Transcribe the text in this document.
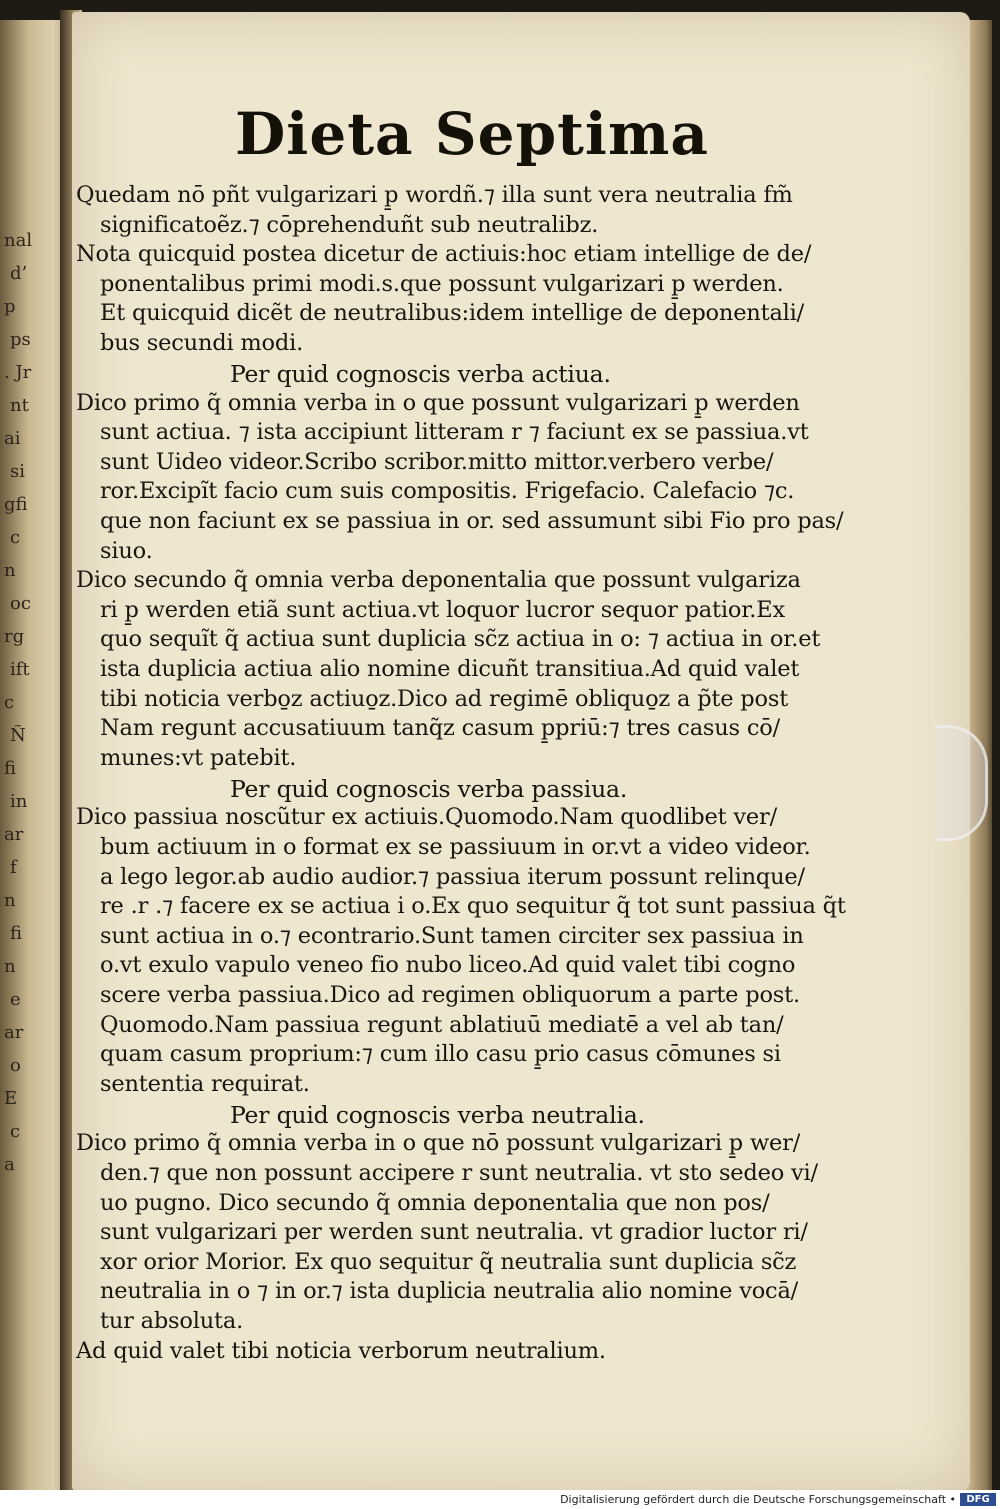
nal
d’
p
ps
. Jr
nt
ai
si
gfi
c
n
oc
rg
ift
c
Ñ
fi
in
ar
f
n
fi
n
e
ar
o
E
c
a
Dieta Septima
Quedam nō pñt vulgarizari p̱ wordñ.⁊ illa sunt vera neutralia fm̃
significatoẽz.⁊ cōprehenduñt sub neutralibz.
Nota quicquid postea dicetur de actiuis:hoc etiam intellige de de/
ponentalibus primi modi.s.que possunt vulgarizari p̱ werden.
Et quicquid dicẽt de neutralibus:idem intellige de deponentali/
bus secundi modi.
Per quid cognoscis verba actiua.
Dico primo q̃ omnia verba in o que possunt vulgarizari p̱ werden
sunt actiua. ⁊ ista accipiunt litteram r ⁊ faciunt ex se passiua.vt
sunt Uideo videor.Scribo scribor.mitto mittor.verbero verbe/
ror.Excipĩt facio cum suis compositis. Frigefacio. Calefacio ⁊c.
que non faciunt ex se passiua in or. sed assumunt sibi Fio pro pas/
siuo.
Dico secundo q̃ omnia verba deponentalia que possunt vulgariza
ri p̱ werden etiã sunt actiua.vt loquor lucror sequor patior.Ex
quo sequĩt q̃ actiua sunt duplicia sc̃z actiua in o: ⁊ actiua in or.et
ista duplicia actiua alio nomine dicuñt transitiua.Ad quid valet
tibi noticia verbo̱z actiuo̱z.Dico ad regimē obliquo̱z a p̃te post
Nam regunt accusatiuum tanq̃z casum p̱priū:⁊ tres casus cō/
munes:vt patebit.
Per quid cognoscis verba passiua.
Dico passiua noscũtur ex actiuis.Quomodo.Nam quodlibet ver/
bum actiuum in o format ex se passiuum in or.vt a video videor.
a lego legor.ab audio audior.⁊ passiua iterum possunt relinque/
re .r .⁊ facere ex se actiua i o.Ex quo sequitur q̃ tot sunt passiua q̃t
sunt actiua in o.⁊ econtrario.Sunt tamen circiter sex passiua in
o.vt exulo vapulo veneo fio nubo liceo.Ad quid valet tibi cogno
scere verba passiua.Dico ad regimen obliquorum a parte post.
Quomodo.Nam passiua regunt ablatiuū mediatē a vel ab tan/
quam casum proprium:⁊ cum illo casu p̱rio casus cōmunes si
sententia requirat.
Per quid cognoscis verba neutralia.
Dico primo q̃ omnia verba in o que nō possunt vulgarizari p̱ wer/
den.⁊ que non possunt accipere r sunt neutralia. vt sto sedeo vi/
uo pugno. Dico secundo q̃ omnia deponentalia que non pos/
sunt vulgarizari per werden sunt neutralia. vt gradior luctor ri/
xor orior Morior. Ex quo sequitur q̃ neutralia sunt duplicia sc̃z
neutralia in o ⁊ in or.⁊ ista duplicia neutralia alio nomine vocā/
tur absoluta.
Ad quid valet tibi noticia verborum neutralium.
Digitalisierung gefördert durch die Deutsche Forschungsgemeinschaft •	DFG
